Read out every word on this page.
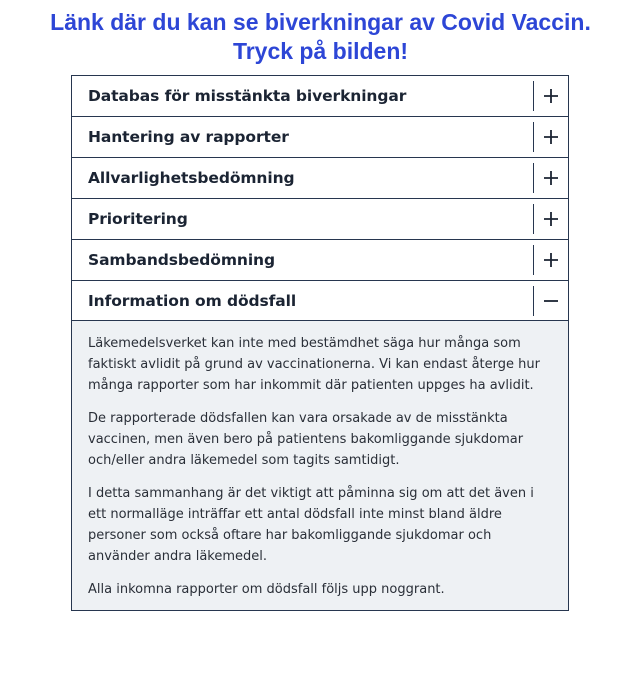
Länk där du kan se biverkningar av Covid Vaccin.
Tryck på bilden!
Databas för misstänkta biverkningar
Hantering av rapporter
Allvarlighetsbedömning
Prioritering
Sambandsbedömning
Information om dödsfall

Läkemedelsverket kan inte med bestämdhet säga hur många som faktiskt avlidit på grund av vaccinationerna. Vi kan endast återge hur många rapporter som har inkommit där patienten uppges ha avlidit.

De rapporterade dödsfallen kan vara orsakade av de misstänkta vaccinen, men även bero på patientens bakomliggande sjukdomar och/eller andra läkemedel som tagits samtidigt.

I detta sammanhang är det viktigt att påminna sig om att det även i ett normalläge inträffar ett antal dödsfall inte minst bland äldre personer som också oftare har bakomliggande sjukdomar och använder andra läkemedel.

Alla inkomna rapporter om dödsfall följs upp noggrant.
